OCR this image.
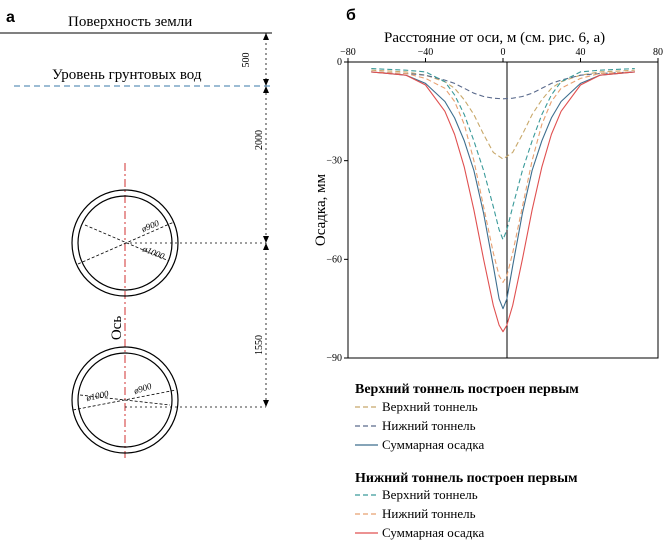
а	Поверхность земли
Уровень грунтовых вод
500
2000
1550
Ось
ø900
ø1000
ø1000	ø900
б
Расстояние от оси, м (см. рис. 6, а)
Осадка, мм
−80	−40	0	40	80
0
−30
−60
−90
Верхний тоннель построен первым
Нижний тоннель построен первым
Верхний тоннель
Нижний тоннель
Суммарная осадка
Верхний тоннель
Нижний тоннель
Суммарная осадка
